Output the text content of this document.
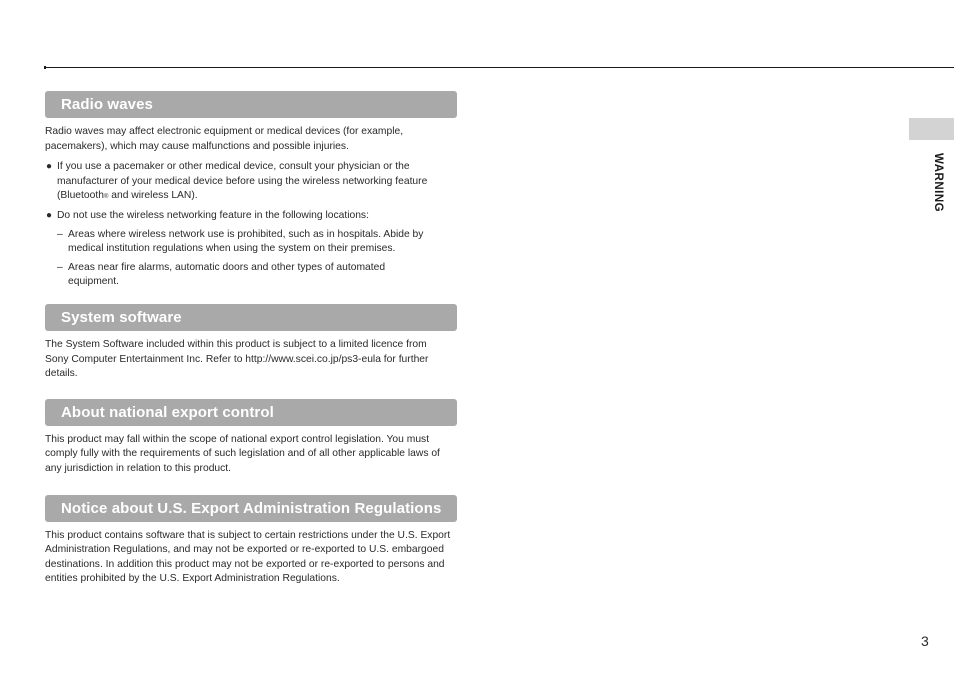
Radio waves

Radio waves may affect electronic equipment or medical devices (for example, pacemakers), which may cause malfunctions and possible injuries.

● If you use a pacemaker or other medical device, consult your physician or the manufacturer of your medical device before using the wireless networking feature (Bluetooth® and wireless LAN).
● Do not use the wireless networking feature in the following locations:
– Areas where wireless network use is prohibited, such as in hospitals. Abide by medical institution regulations when using the system on their premises.
– Areas near fire alarms, automatic doors and other types of automated equipment.
System software

The System Software included within this product is subject to a limited licence from Sony Computer Entertainment Inc. Refer to http://www.scei.co.jp/ps3-eula for further details.

About national export control

This product may fall within the scope of national export control legislation. You must comply fully with the requirements of such legislation and of all other applicable laws of any jurisdiction in relation to this product.

Notice about U.S. Export Administration Regulations

This product contains software that is subject to certain restrictions under the U.S. Export Administration Regulations, and may not be exported or re-exported to U.S. embargoed destinations. In addition this product may not be exported or re-exported to persons and entities prohibited by the U.S. Export Administration Regulations.

WARNING
3
